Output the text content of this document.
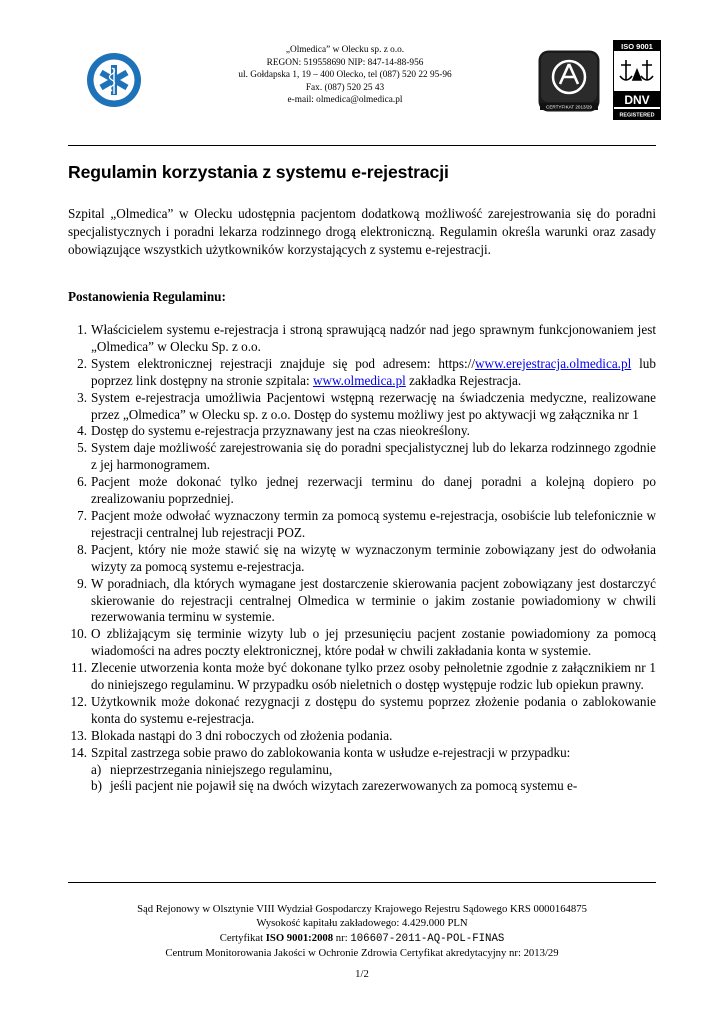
„Olmedica” w Olecku sp. z o.o.
REGON: 519558690 NIP: 847-14-88-956
ul. Gołdapska 1, 19 – 400 Olecko, tel (087) 520 22 95-96
Fax. (087) 520 25 43
e-mail: olmedica@olmedica.pl
CERTYFIKAT 2013/29
ISO 9001
DNV
REGISTERED
Regulamin korzystania z systemu e-rejestracji

Szpital „Olmedica” w Olecku udostępnia pacjentom dodatkową możliwość zarejestrowania się do poradni specjalistycznych i poradni lekarza rodzinnego drogą elektroniczną. Regulamin określa warunki oraz zasady obowiązujące wszystkich użytkowników korzystających z systemu e-rejestracji.

Postanowienia Regulaminu:

1. Właścicielem systemu e-rejestracja i stroną sprawującą nadzór nad jego sprawnym funkcjonowaniem jest „Olmedica” w Olecku Sp. z o.o.
2. System elektronicznej rejestracji znajduje się pod adresem: https://www.erejestracja.olmedica.pl lub poprzez link dostępny na stronie szpitala: www.olmedica.pl zakładka Rejestracja.
3. System e-rejestracja umożliwia Pacjentowi wstępną rezerwację na świadczenia medyczne, realizowane przez „Olmedica” w Olecku sp. z o.o. Dostęp do systemu możliwy jest po aktywacji wg załącznika nr 1
4. Dostęp do systemu e-rejestracja przyznawany jest na czas nieokreślony.
5. System daje możliwość zarejestrowania się do poradni specjalistycznej lub do lekarza rodzinnego zgodnie z jej harmonogramem.
6. Pacjent może dokonać tylko jednej rezerwacji terminu do danej poradni a kolejną dopiero po zrealizowaniu poprzedniej.
7. Pacjent może odwołać wyznaczony termin za pomocą systemu e-rejestracja, osobiście lub telefonicznie w rejestracji centralnej lub rejestracji POZ.
8. Pacjent, który nie może stawić się na wizytę w wyznaczonym terminie zobowiązany jest do odwołania wizyty za pomocą systemu e-rejestracja.
9. W poradniach, dla których wymagane jest dostarczenie skierowania pacjent zobowiązany jest dostarczyć skierowanie do rejestracji centralnej Olmedica w terminie o jakim zostanie powiadomiony w chwili rezerwowania terminu w systemie.
10. O zbliżającym się terminie wizyty lub o jej przesunięciu pacjent zostanie powiadomiony za pomocą wiadomości na adres poczty elektronicznej, które podał w chwili zakładania konta w systemie.
11. Zlecenie utworzenia konta może być dokonane tylko przez osoby pełnoletnie zgodnie z załącznikiem nr 1 do niniejszego regulaminu. W przypadku osób nieletnich o dostęp występuje rodzic lub opiekun prawny.
12. Użytkownik może dokonać rezygnacji z dostępu do systemu poprzez złożenie podania o zablokowanie konta do systemu e-rejestracja.
13. Blokada nastąpi do 3 dni roboczych od złożenia podania.
14. Szpital zastrzega sobie prawo do zablokowania konta w usłudze e-rejestracji w przypadku:
a) nieprzestrzegania niniejszego regulaminu,
b) jeśli pacjent nie pojawił się na dwóch wizytach zarezerwowanych za pomocą systemu e-
Sąd Rejonowy w Olsztynie VIII Wydział Gospodarczy Krajowego Rejestru Sądowego KRS 0000164875
Wysokość kapitału zakładowego: 4.429.000 PLN
Certyfikat ISO 9001:2008 nr: 106607-2011-AQ-POL-FINAS
Centrum Monitorowania Jakości w Ochronie Zdrowia Certyfikat akredytacyjny nr: 2013/29
1/2
